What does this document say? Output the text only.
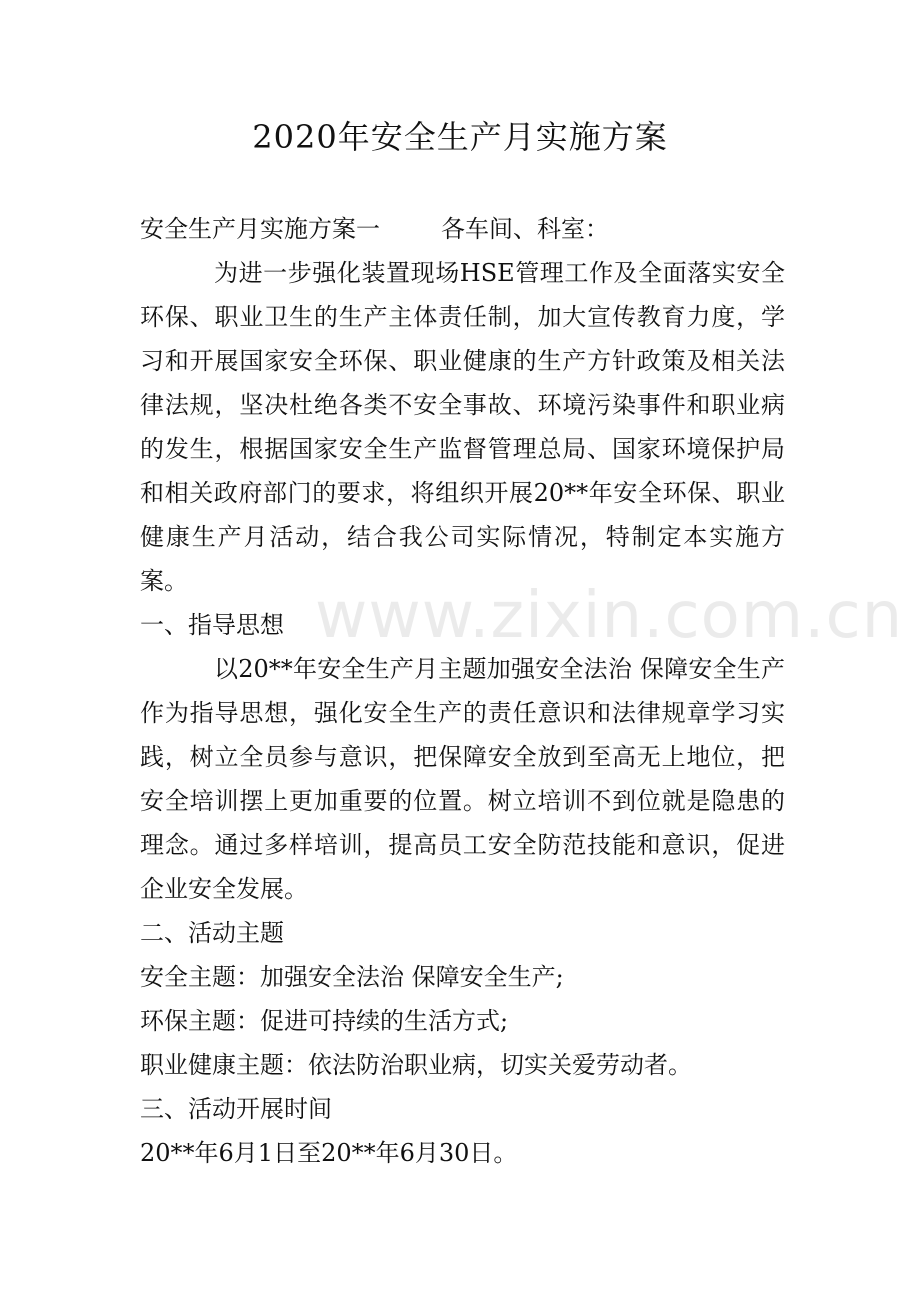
www.zixin.com.cn
2020年安全生产月实施方案

安全生产月实施方案一        各车间、科室：

为进一步强化装置现场HSE管理工作及全面落实安全环保、职业卫生的生产主体责任制，加大宣传教育力度，学习和开展国家安全环保、职业健康的生产方针政策及相关法律法规，坚决杜绝各类不安全事故、环境污染事件和职业病的发生，根据国家安全生产监督管理总局、国家环境保护局和相关政府部门的要求，将组织开展20**年安全环保、职业健康生产月活动，结合我公司实际情况，特制定本实施方案。

一、指导思想

以20**年安全生产月主题加强安全法治 保障安全生产作为指导思想，强化安全生产的责任意识和法律规章学习实践，树立全员参与意识，把保障安全放到至高无上地位，把安全培训摆上更加重要的位置。树立培训不到位就是隐患的理念。通过多样培训，提高员工安全防范技能和意识，促进企业安全发展。

二、活动主题

安全主题：加强安全法治 保障安全生产;

环保主题：促进可持续的生活方式;

职业健康主题：依法防治职业病，切实关爱劳动者。

三、活动开展时间

20**年6月1日至20**年6月30日。
